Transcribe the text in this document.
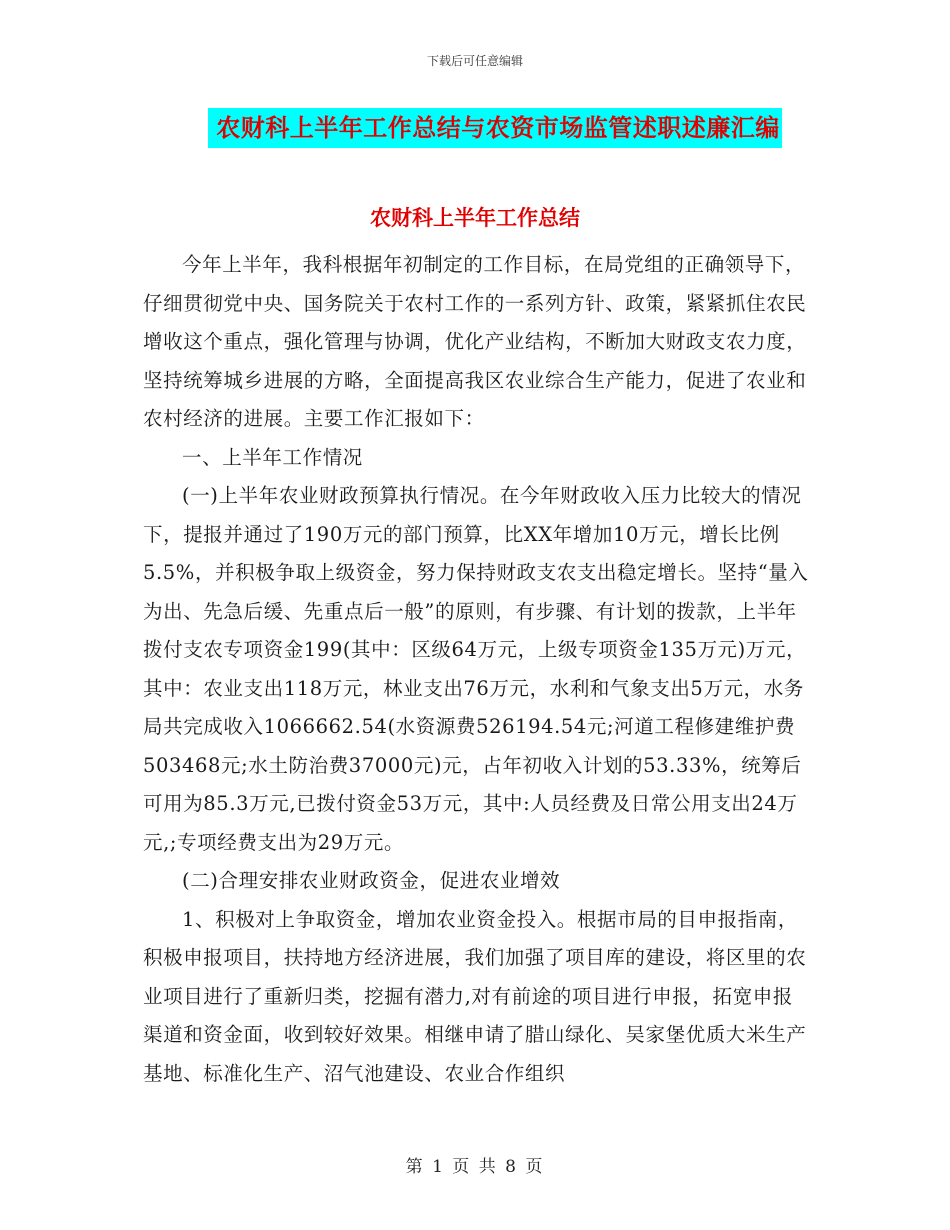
下载后可任意编辑
农财科上半年工作总结与农资市场监管述职述廉汇编
农财科上半年工作总结

今年上半年，我科根据年初制定的工作目标，在局党组的正确领导下，仔细贯彻党中央、国务院关于农村工作的一系列方针、政策，紧紧抓住农民增收这个重点，强化管理与协调，优化产业结构，不断加大财政支农力度，坚持统筹城乡进展的方略，全面提高我区农业综合生产能力，促进了农业和农村经济的进展。主要工作汇报如下：

一、上半年工作情况

(一)上半年农业财政预算执行情况。在今年财政收入压力比较大的情况下，提报并通过了190万元的部门预算，比XX年增加10万元，增长比例5.5%，并积极争取上级资金，努力保持财政支农支出稳定增长。坚持“量入为出、先急后缓、先重点后一般”的原则，有步骤、有计划的拨款，上半年拨付支农专项资金199(其中：区级64万元，上级专项资金135万元)万元，其中：农业支出118万元，林业支出76万元，水利和气象支出5万元，水务局共完成收入1066662.54(水资源费526194.54元;河道工程修建维护费503468元;水土防治费37000元)元，占年初收入计划的53.33%，统筹后可用为85.3万元,已拨付资金53万元，其中:人员经费及日常公用支出24万元,;专项经费支出为29万元。

(二)合理安排农业财政资金，促进农业增效

1、积极对上争取资金，增加农业资金投入。根据市局的目申报指南，积极申报项目，扶持地方经济进展，我们加强了项目库的建设，将区里的农业项目进行了重新归类，挖掘有潜力,对有前途的项目进行申报，拓宽申报渠道和资金面，收到较好效果。相继申请了腊山绿化、吴家堡优质大米生产基地、标准化生产、沼气池建设、农业合作组织

第 1 页 共 8 页
